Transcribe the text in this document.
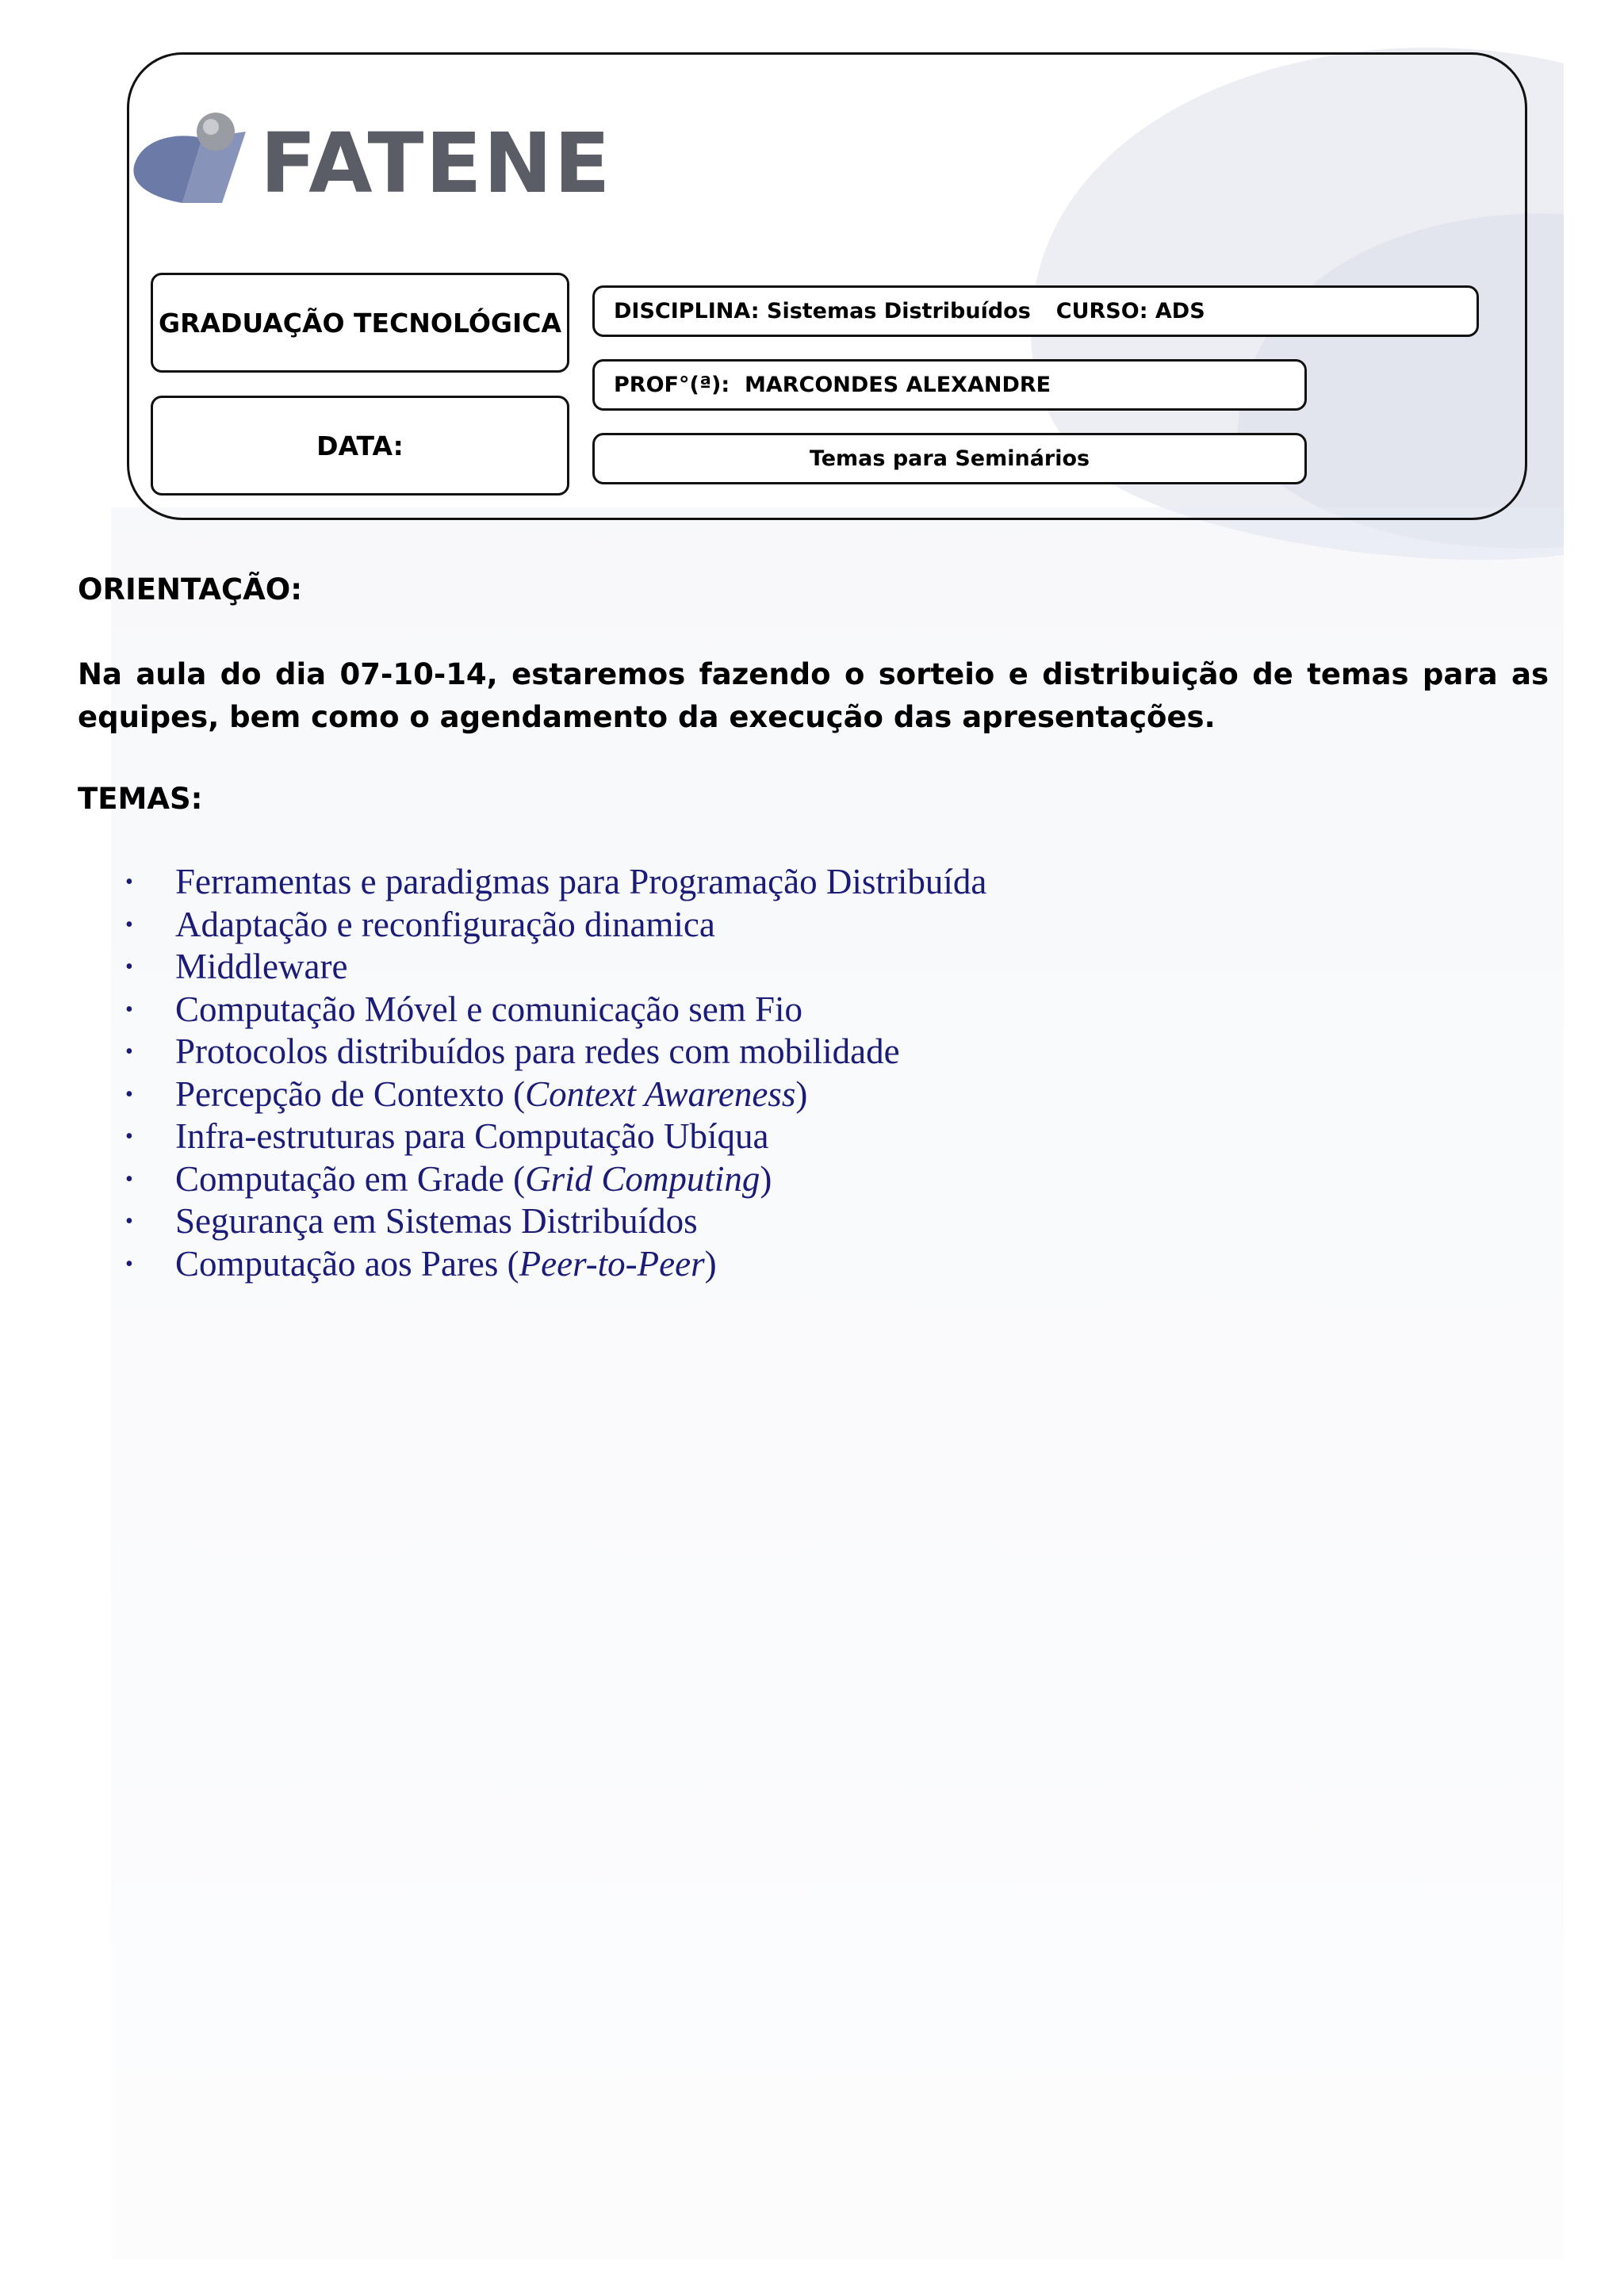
FATENE
GRADUAÇÃO TECNOLÓGICA
DATA:
DISCIPLINA: Sistemas Distribuídos CURSO: ADS
PROF°(ª):  MARCONDES ALEXANDRE
Temas para Seminários
ORIENTAÇÃO:
Na aula do dia 07-10-14, estaremos fazendo o sorteio e distribuição de temas para as equipes, bem como o agendamento da execução das apresentações.
TEMAS:
• Ferramentas e paradigmas para Programação Distribuída
• Adaptação e reconfiguração dinamica
• Middleware
• Computação Móvel e comunicação sem Fio
• Protocolos distribuídos para redes com mobilidade
• Percepção de Contexto (Context Awareness)
• Infra-estruturas para Computação Ubíqua
• Computação em Grade (Grid Computing)
• Segurança em Sistemas Distribuídos
• Computação aos Pares (Peer-to-Peer)
